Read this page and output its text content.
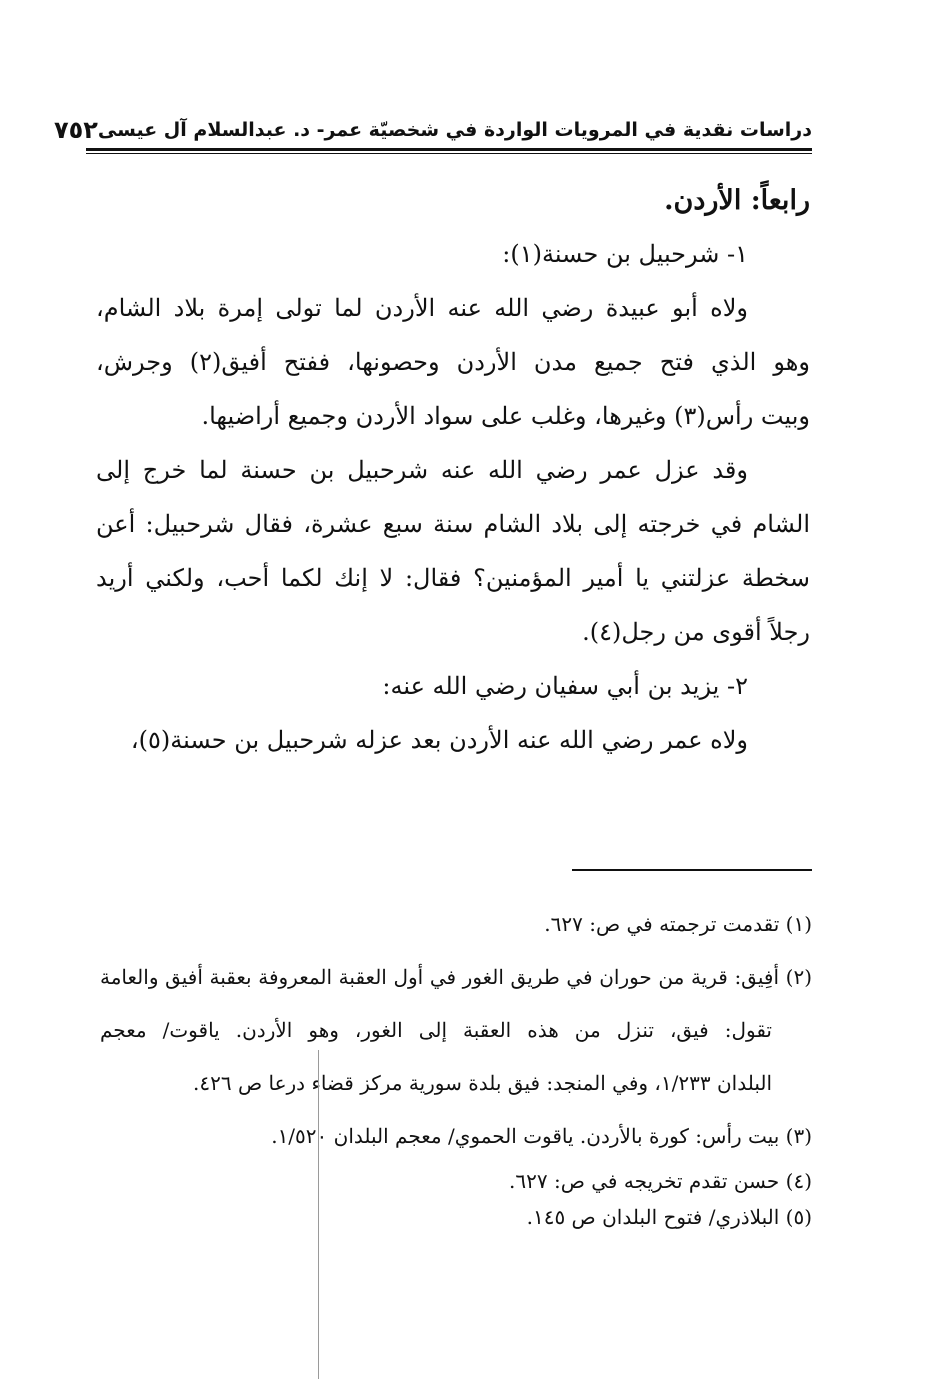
دراسات نقدية في المرويات الواردة في شخصيّة عمر- د. عبدالسلام آل عيسى
٧٥٢
رابعاً: الأردن.
١- شرحبيل بن حسنة(١):
ولاه أبو عبيدة رضي الله عنه الأردن لما تولى إمرة بلاد الشام،
وهو الذي فتح جميع مدن الأردن وحصونها، ففتح أفيق(٢) وجرش،
وبيت رأس(٣) وغيرها، وغلب على سواد الأردن وجميع أراضيها.
وقد عزل عمر رضي الله عنه شرحبيل بن حسنة لما خرج إلى
الشام في خرجته إلى بلاد الشام سنة سبع عشرة، فقال شرحبيل: أعن
سخطة عزلتني يا أمير المؤمنين؟ فقال: لا إنك لكما أحب، ولكني أريد
رجلاً أقوى من رجل(٤).
٢- يزيد بن أبي سفيان رضي الله عنه:
ولاه عمر رضي الله عنه الأردن بعد عزله شرحبيل بن حسنة(٥)،
(١) تقدمت ترجمته في ص: ٦٢٧.
(٢) أفِيق: قرية من حوران في طريق الغور في أول العقبة المعروفة بعقبة أفيق والعامة
تقول: فيق، تنزل من هذه العقبة إلى الغور، وهو الأردن. ياقوت/ معجم
البلدان ١/٢٣٣، وفي المنجد: فيق بلدة سورية مركز قضاء درعا ص ٤٢٦.
(٣) بيت رأس: كورة بالأردن. ياقوت الحموي/ معجم البلدان ١/٥٢٠.
(٤) حسن تقدم تخريجه في ص: ٦٢٧.
(٥) البلاذري/ فتوح البلدان ص ١٤٥.
